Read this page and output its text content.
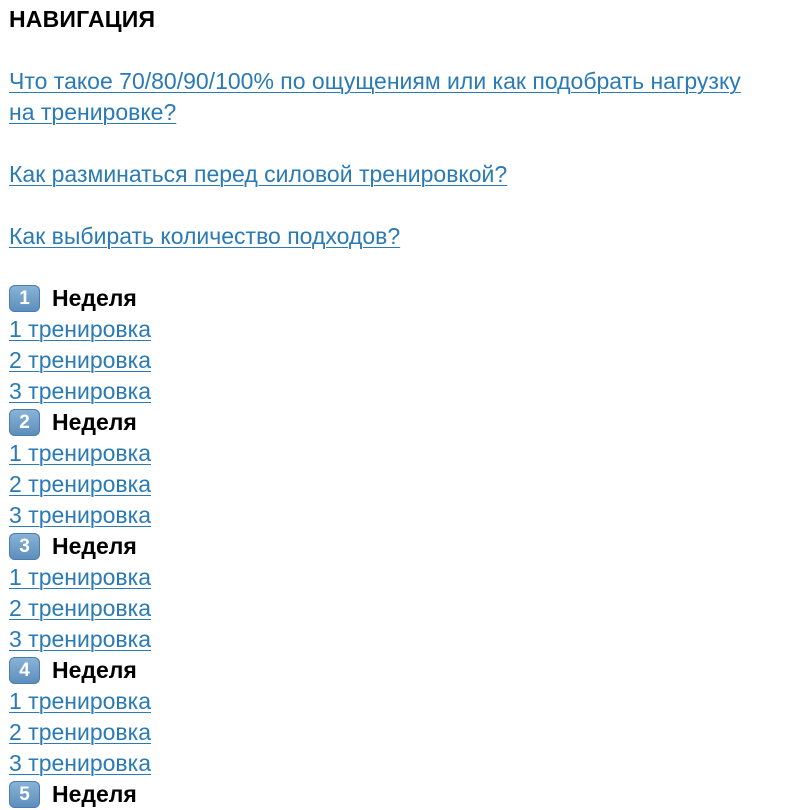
НАВИГАЦИЯ
Что такое 70/80/90/100% по ощущениям или как подобрать нагрузку на тренировке?
Как разминаться перед силовой тренировкой?
Как выбирать количество подходов?
1 Неделя
1 тренировка
2 тренировка
3 тренировка
2 Неделя
1 тренировка
2 тренировка
3 тренировка
3 Неделя
1 тренировка
2 тренировка
3 тренировка
4 Неделя
1 тренировка
2 тренировка
3 тренировка
5 Неделя
